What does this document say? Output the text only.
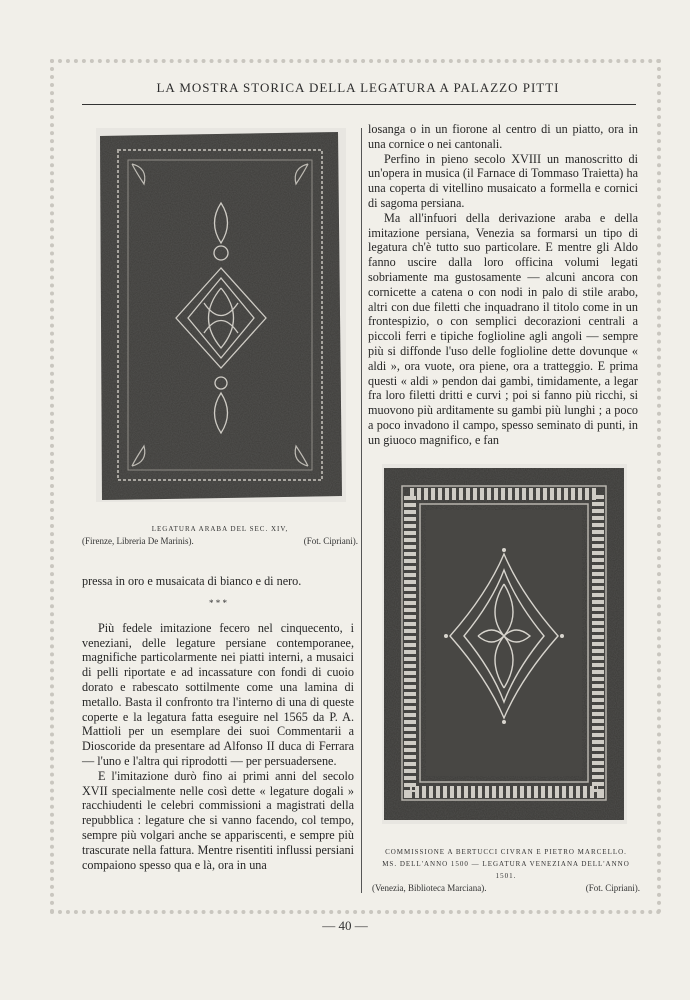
LA MOSTRA STORICA DELLA LEGATURA A PALAZZO PITTI
LEGATURA ARABA DEL SEC. XIV,
(Firenze, Libreria De Marinis).	(Fot. Cipriani).
COMMISSIONE A BERTUCCI CIVRAN E PIETRO MARCELLO.
MS. DELL'ANNO 1500 — LEGATURA VENEZIANA DELL'ANNO 1501.
(Venezia, Biblioteca Marciana).	(Fot. Cipriani).

losanga o in un fiorone al centro di un piatto, ora in una cornice o nei cantonali.

Perfino in pieno secolo XVIII un manoscritto di un'opera in musica (il Farnace di Tommaso Traietta) ha una coperta di vitellino musaicato a formella e cornici di sagoma persiana.

Ma all'infuori della derivazione araba e della imitazione persiana, Venezia sa formarsi un tipo di legatura ch'è tutto suo particolare. E mentre gli Aldo fanno uscire dalla loro officina volumi legati sobriamente ma gustosamente — alcuni ancora con cornicette a catena o con nodi in palo di stile arabo, altri con due filetti che inquadrano il titolo come in un frontespizio, o con semplici decorazioni centrali a piccoli ferri e tipiche foglioline agli angoli — sempre più si diffonde l'uso delle foglioline dette dovunque « aldi », ora vuote, ora piene, ora a tratteggio. E prima questi « aldi » pendon dai gambi, timidamente, a legar fra loro filetti dritti e curvi ; poi si fanno più ricchi, si muovono più arditamente su gambi più lunghi ; a poco a poco invadono il campo, spesso seminato di punti, in un giuoco magnifico, e fan

pressa in oro e musaicata di bianco e di nero.

* * *

Più fedele imitazione fecero nel cinquecento, i veneziani, delle legature persiane contemporanee, magnifiche particolarmente nei piatti interni, a musaici di pelli riportate e ad incassature con fondi di cuoio dorato e rabescato sottilmente come una lamina di metallo. Basta il confronto tra l'interno di una di queste coperte e la legatura fatta eseguire nel 1565 da P. A. Mattioli per un esemplare dei suoi Commentarii a Dioscoride da presentare ad Alfonso II duca di Ferrara — l'uno e l'altra qui riprodotti — per persuadersene.

E l'imitazione durò fino ai primi anni del secolo XVII specialmente nelle così dette « legature dogali » racchiudenti le celebri commissioni a magistrati della repubblica : legature che si vanno facendo, col tempo, sempre più volgari anche se appariscenti, e sempre più trascurate nella fattura. Mentre risentiti influssi persiani compaiono spesso qua e là, ora in una

— 40 —
